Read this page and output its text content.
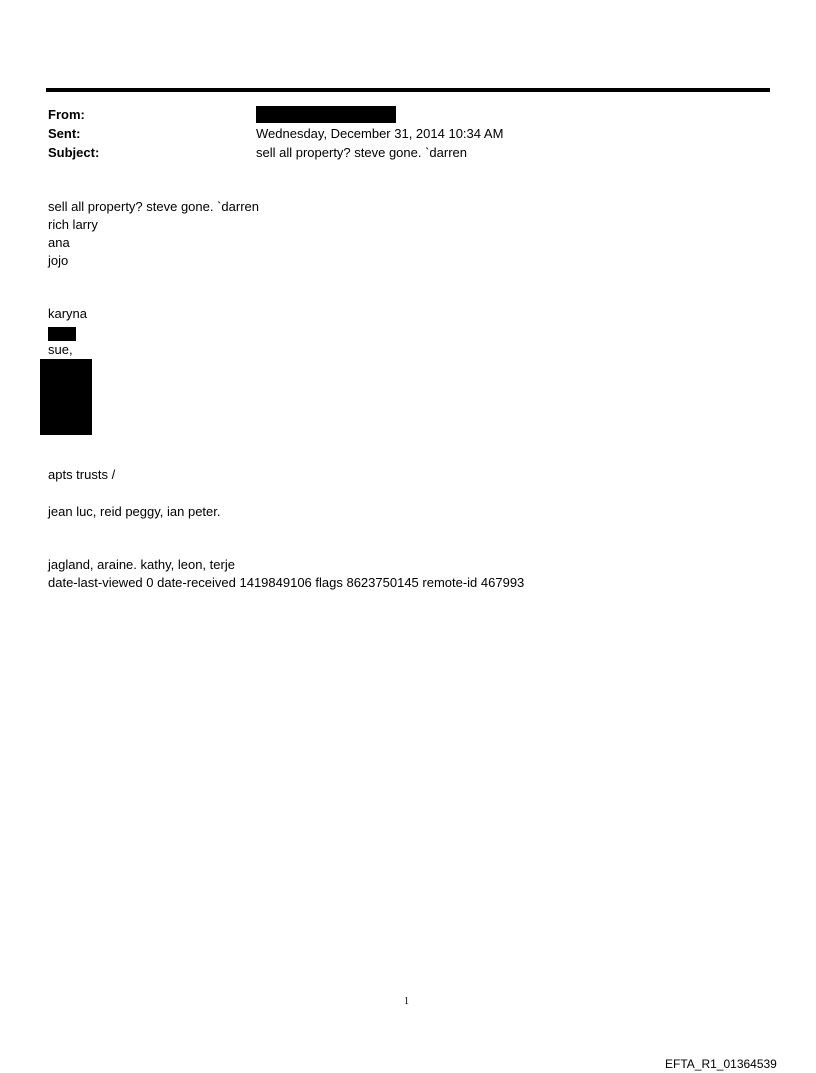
From:
Sent:	Wednesday, December 31, 2014 10:34 AM
Subject:	sell all property? steve gone. `darren
sell all property? steve gone. `darren
rich larry
ana
jojo
karyna
sue,
apts trusts /
jean luc, reid peggy, ian peter.
jagland, araine. kathy, leon, terje
date-last-viewed 0 date-received 1419849106 flags 8623750145 remote-id 467993
1
EFTA_R1_01364539
